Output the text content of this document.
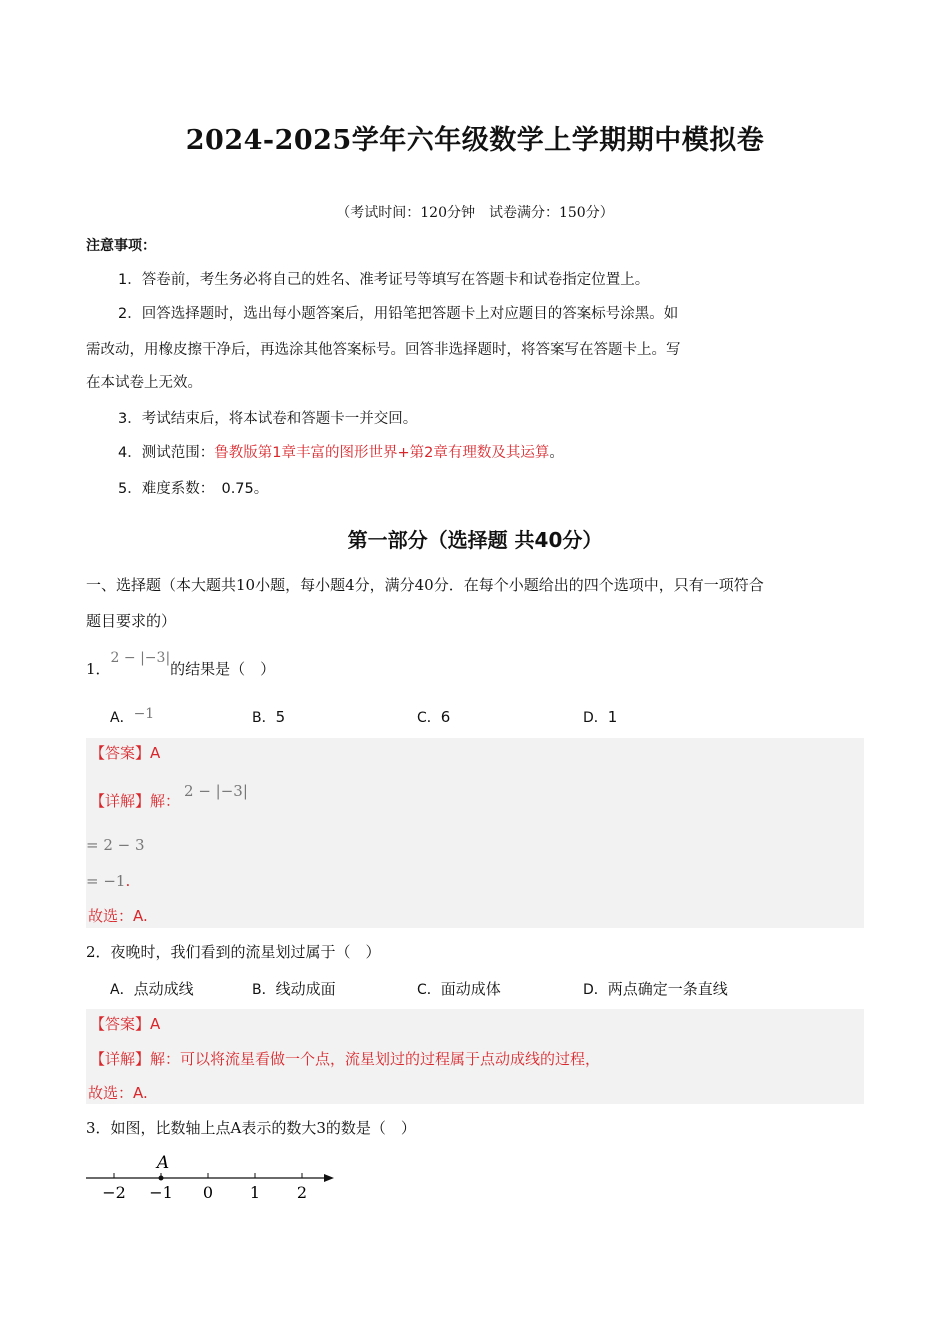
2024-2025学年六年级数学上学期期中模拟卷
（考试时间：120分钟　试卷满分：150分）
注意事项：
1．答卷前，考生务必将自己的姓名、准考证号等填写在答题卡和试卷指定位置上。
2．回答选择题时，选出每小题答案后，用铅笔把答题卡上对应题目的答案标号涂黑。如
需改动，用橡皮擦干净后，再选涂其他答案标号。回答非选择题时，将答案写在答题卡上。写
在本试卷上无效。
3．考试结束后，将本试卷和答题卡一并交回。
4．测试范围：鲁教版第1章丰富的图形世界+第2章有理数及其运算。
5．难度系数：　0.75。
第一部分（选择题 共40分）
一、选择题（本大题共10小题，每小题4分，满分40分．在每个小题给出的四个选项中，只有一项符合
题目要求的）
1．2 − |−3|的结果是（　）
A．−1	B．5	C．6	D．1
【答案】A
【详解】解：2 − |−3|
= 2 − 3
= −1.
故选：A.
2．夜晚时，我们看到的流星划过属于（　）
A．点动成线	B．线动成面	C．面动成体	D．两点确定一条直线
【答案】A
【详解】解：可以将流星看做一个点，流星划过的过程属于点动成线的过程，
故选：A.
3．如图，比数轴上点A表示的数大3的数是（　）
−2 −1 0 1 2
A
